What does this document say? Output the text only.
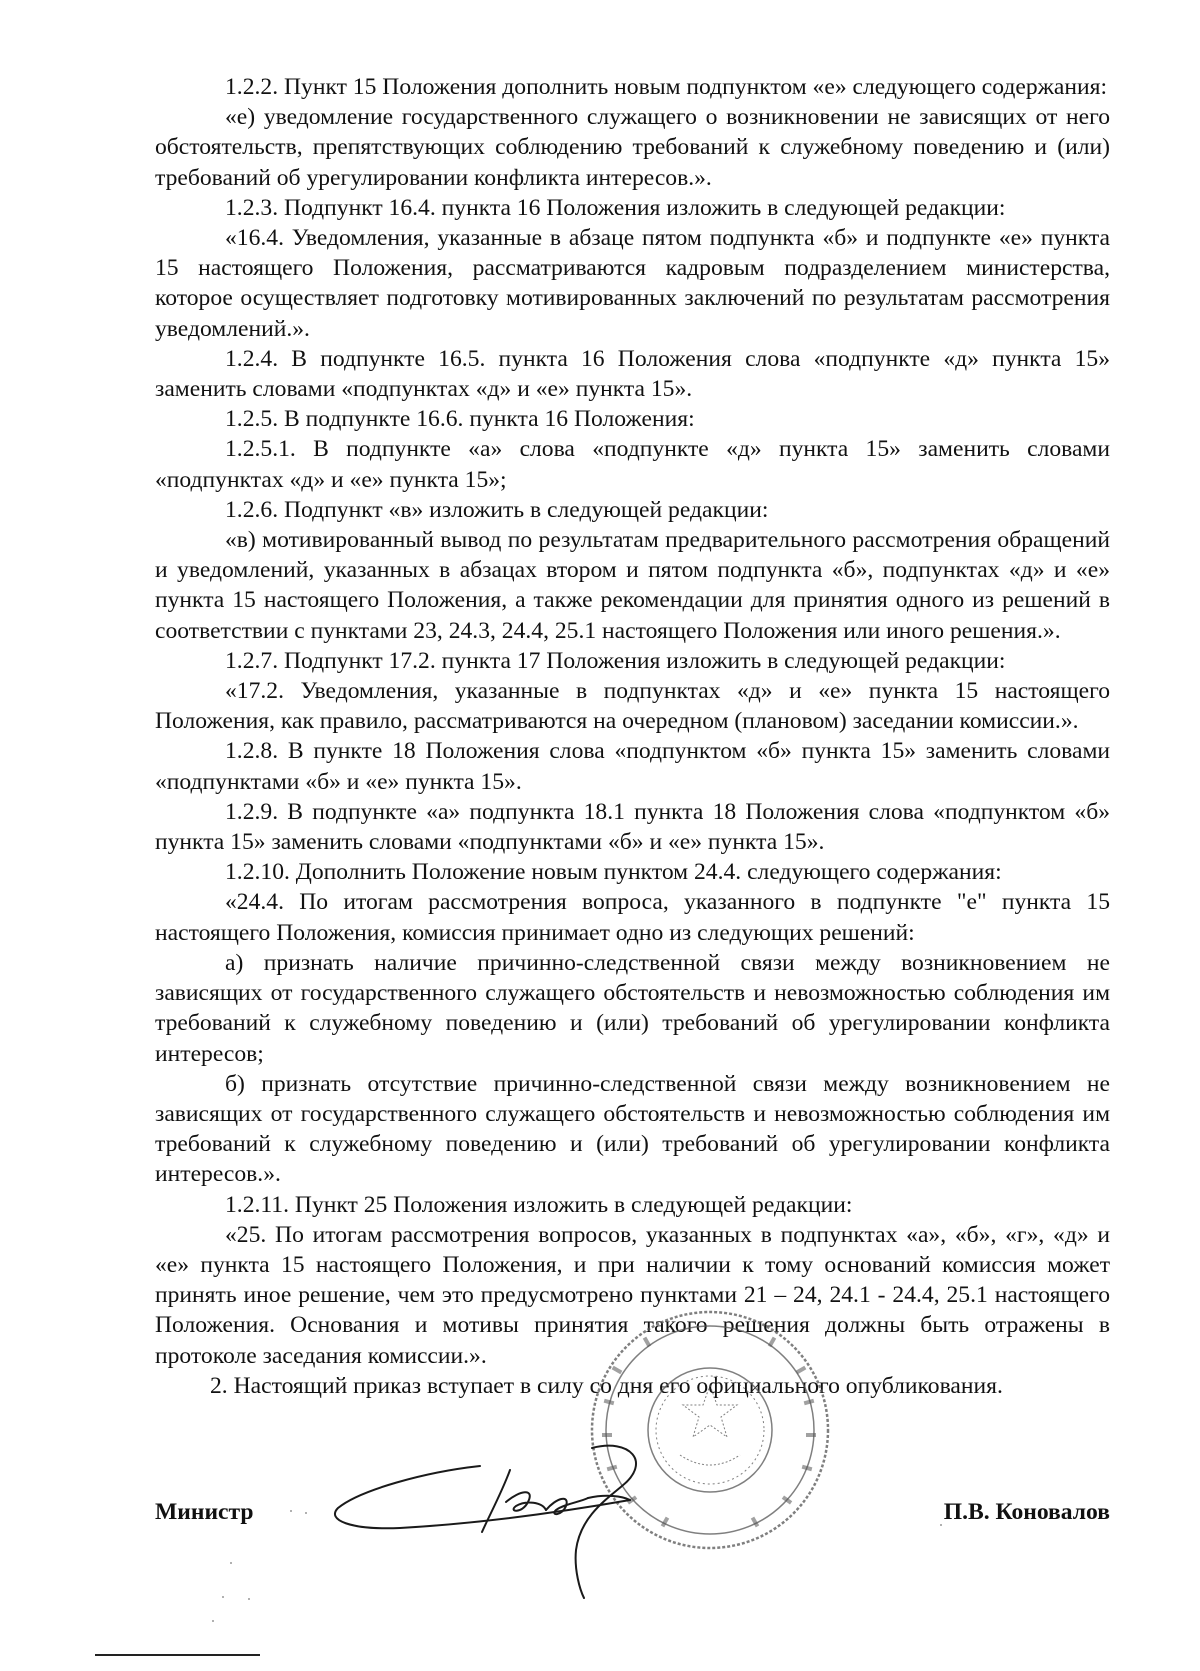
1.2.2. Пункт 15 Положения дополнить новым подпунктом «е» следующего содержания:

«е) уведомление государственного служащего о возникновении не зависящих от него обстоятельств, препятствующих соблюдению требований к служебному поведению и (или) требований об урегулировании конфликта интересов.».

1.2.3. Подпункт 16.4. пункта 16 Положения изложить в следующей редакции:

«16.4. Уведомления, указанные в абзаце пятом подпункта «б» и подпункте «е» пункта 15 настоящего Положения, рассматриваются кадровым подразделением министерства, которое осуществляет подготовку мотивированных заключений по результатам рассмотрения уведомлений.».

1.2.4. В подпункте 16.5. пункта 16 Положения слова «подпункте «д» пункта 15» заменить словами «подпунктах «д» и «е» пункта 15».

1.2.5. В подпункте 16.6. пункта 16 Положения:

1.2.5.1. В подпункте «а» слова «подпункте «д» пункта 15» заменить словами «подпунктах «д» и «е» пункта 15»;

1.2.6. Подпункт «в» изложить в следующей редакции:

«в) мотивированный вывод по результатам предварительного рассмотрения обращений и уведомлений, указанных в абзацах втором и пятом подпункта «б», подпунктах «д» и «е» пункта 15 настоящего Положения, а также рекомендации для принятия одного из решений в соответствии с пунктами 23, 24.3, 24.4, 25.1 настоящего Положения или иного решения.».

1.2.7. Подпункт 17.2. пункта 17 Положения изложить в следующей редакции:

«17.2. Уведомления, указанные в подпунктах «д» и «е» пункта 15 настоящего Положения, как правило, рассматриваются на очередном (плановом) заседании комиссии.».

1.2.8. В пункте 18 Положения слова «подпунктом «б» пункта 15» заменить словами «подпунктами «б» и «е» пункта 15».

1.2.9. В подпункте «а» подпункта 18.1 пункта 18 Положения слова «подпунктом «б» пункта 15» заменить словами «подпунктами «б» и «е» пункта 15».

1.2.10. Дополнить Положение новым пунктом 24.4. следующего содержания:

«24.4. По итогам рассмотрения вопроса, указанного в подпункте "е" пункта 15 настоящего Положения, комиссия принимает одно из следующих решений:

а) признать наличие причинно-следственной связи между возникновением не зависящих от государственного служащего обстоятельств и невозможностью соблюдения им требований к служебному поведению и (или) требований об урегулировании конфликта интересов;

б) признать отсутствие причинно-следственной связи между возникновением не зависящих от государственного служащего обстоятельств и невозможностью соблюдения им требований к служебному поведению и (или) требований об урегулировании конфликта интересов.».

1.2.11. Пункт 25 Положения изложить в следующей редакции:

«25. По итогам рассмотрения вопросов, указанных в подпунктах «а», «б», «г», «д» и «е» пункта 15 настоящего Положения, и при наличии к тому оснований комиссия может принять иное решение, чем это предусмотрено пунктами 21 – 24, 24.1 - 24.4, 25.1 настоящего Положения. Основания и мотивы принятия такого решения должны быть отражены в протоколе заседания комиссии.».

2. Настоящий приказ вступает в силу со дня его официального опубликования.

Министр	П.В. Коновалов
